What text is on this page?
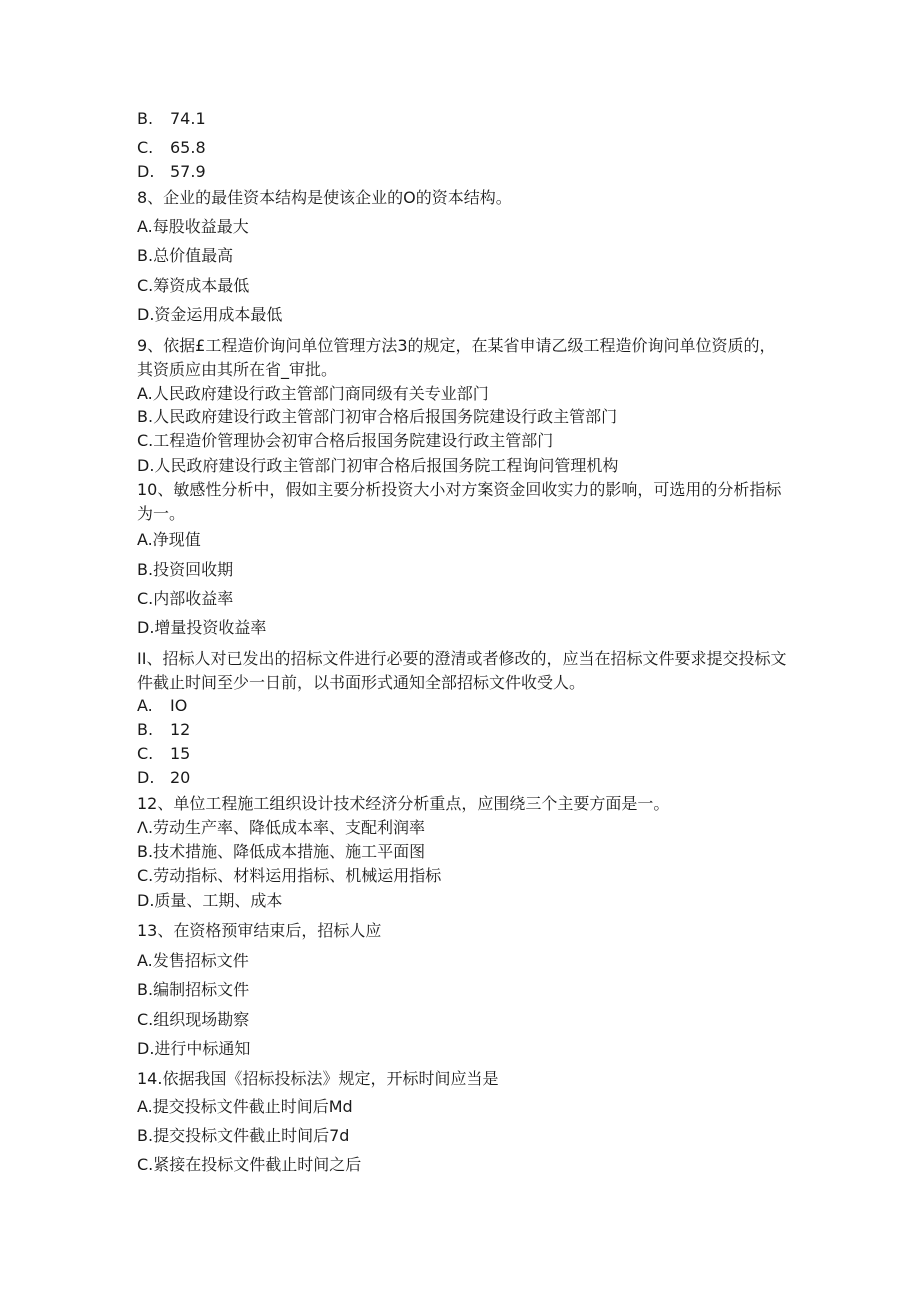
B. 74.1
C. 65.8
D. 57.9
8、企业的最佳资本结构是使该企业的O的资本结构。
A.每股收益最大
B.总价值最高
C.筹资成本最低
D.资金运用成本最低
9、依据£工程造价询问单位管理方法3的规定，在某省申请乙级工程造价询问单位资质的，其资质应由其所在省_审批。
A.人民政府建设行政主管部门商同级有关专业部门
B.人民政府建设行政主管部门初审合格后报国务院建设行政主管部门
C.工程造价管理协会初审合格后报国务院建设行政主管部门
D.人民政府建设行政主管部门初审合格后报国务院工程询问管理机构
10、敏感性分析中，假如主要分析投资大小对方案资金回收实力的影响，可选用的分析指标为一。
A.净现值
B.投资回收期
C.内部收益率
D.增量投资收益率
II、招标人对已发出的招标文件进行必要的澄清或者修改的，应当在招标文件要求提交投标文件截止时间至少一日前，以书面形式通知全部招标文件收受人。
A. IO
B. 12
C. 15
D. 20
12、单位工程施工组织设计技术经济分析重点，应围绕三个主要方面是一。
Λ.劳动生产率、降低成本率、支配利润率
B.技术措施、降低成本措施、施工平面图
C.劳动指标、材料运用指标、机械运用指标
D.质量、工期、成本
13、在资格预审结束后，招标人应
A.发售招标文件
B.编制招标文件
C.组织现场勘察
D.进行中标通知
14.依据我国《招标投标法》规定，开标时间应当是
A.提交投标文件截止时间后Md
B.提交投标文件截止时间后7d
C.紧接在投标文件截止时间之后
